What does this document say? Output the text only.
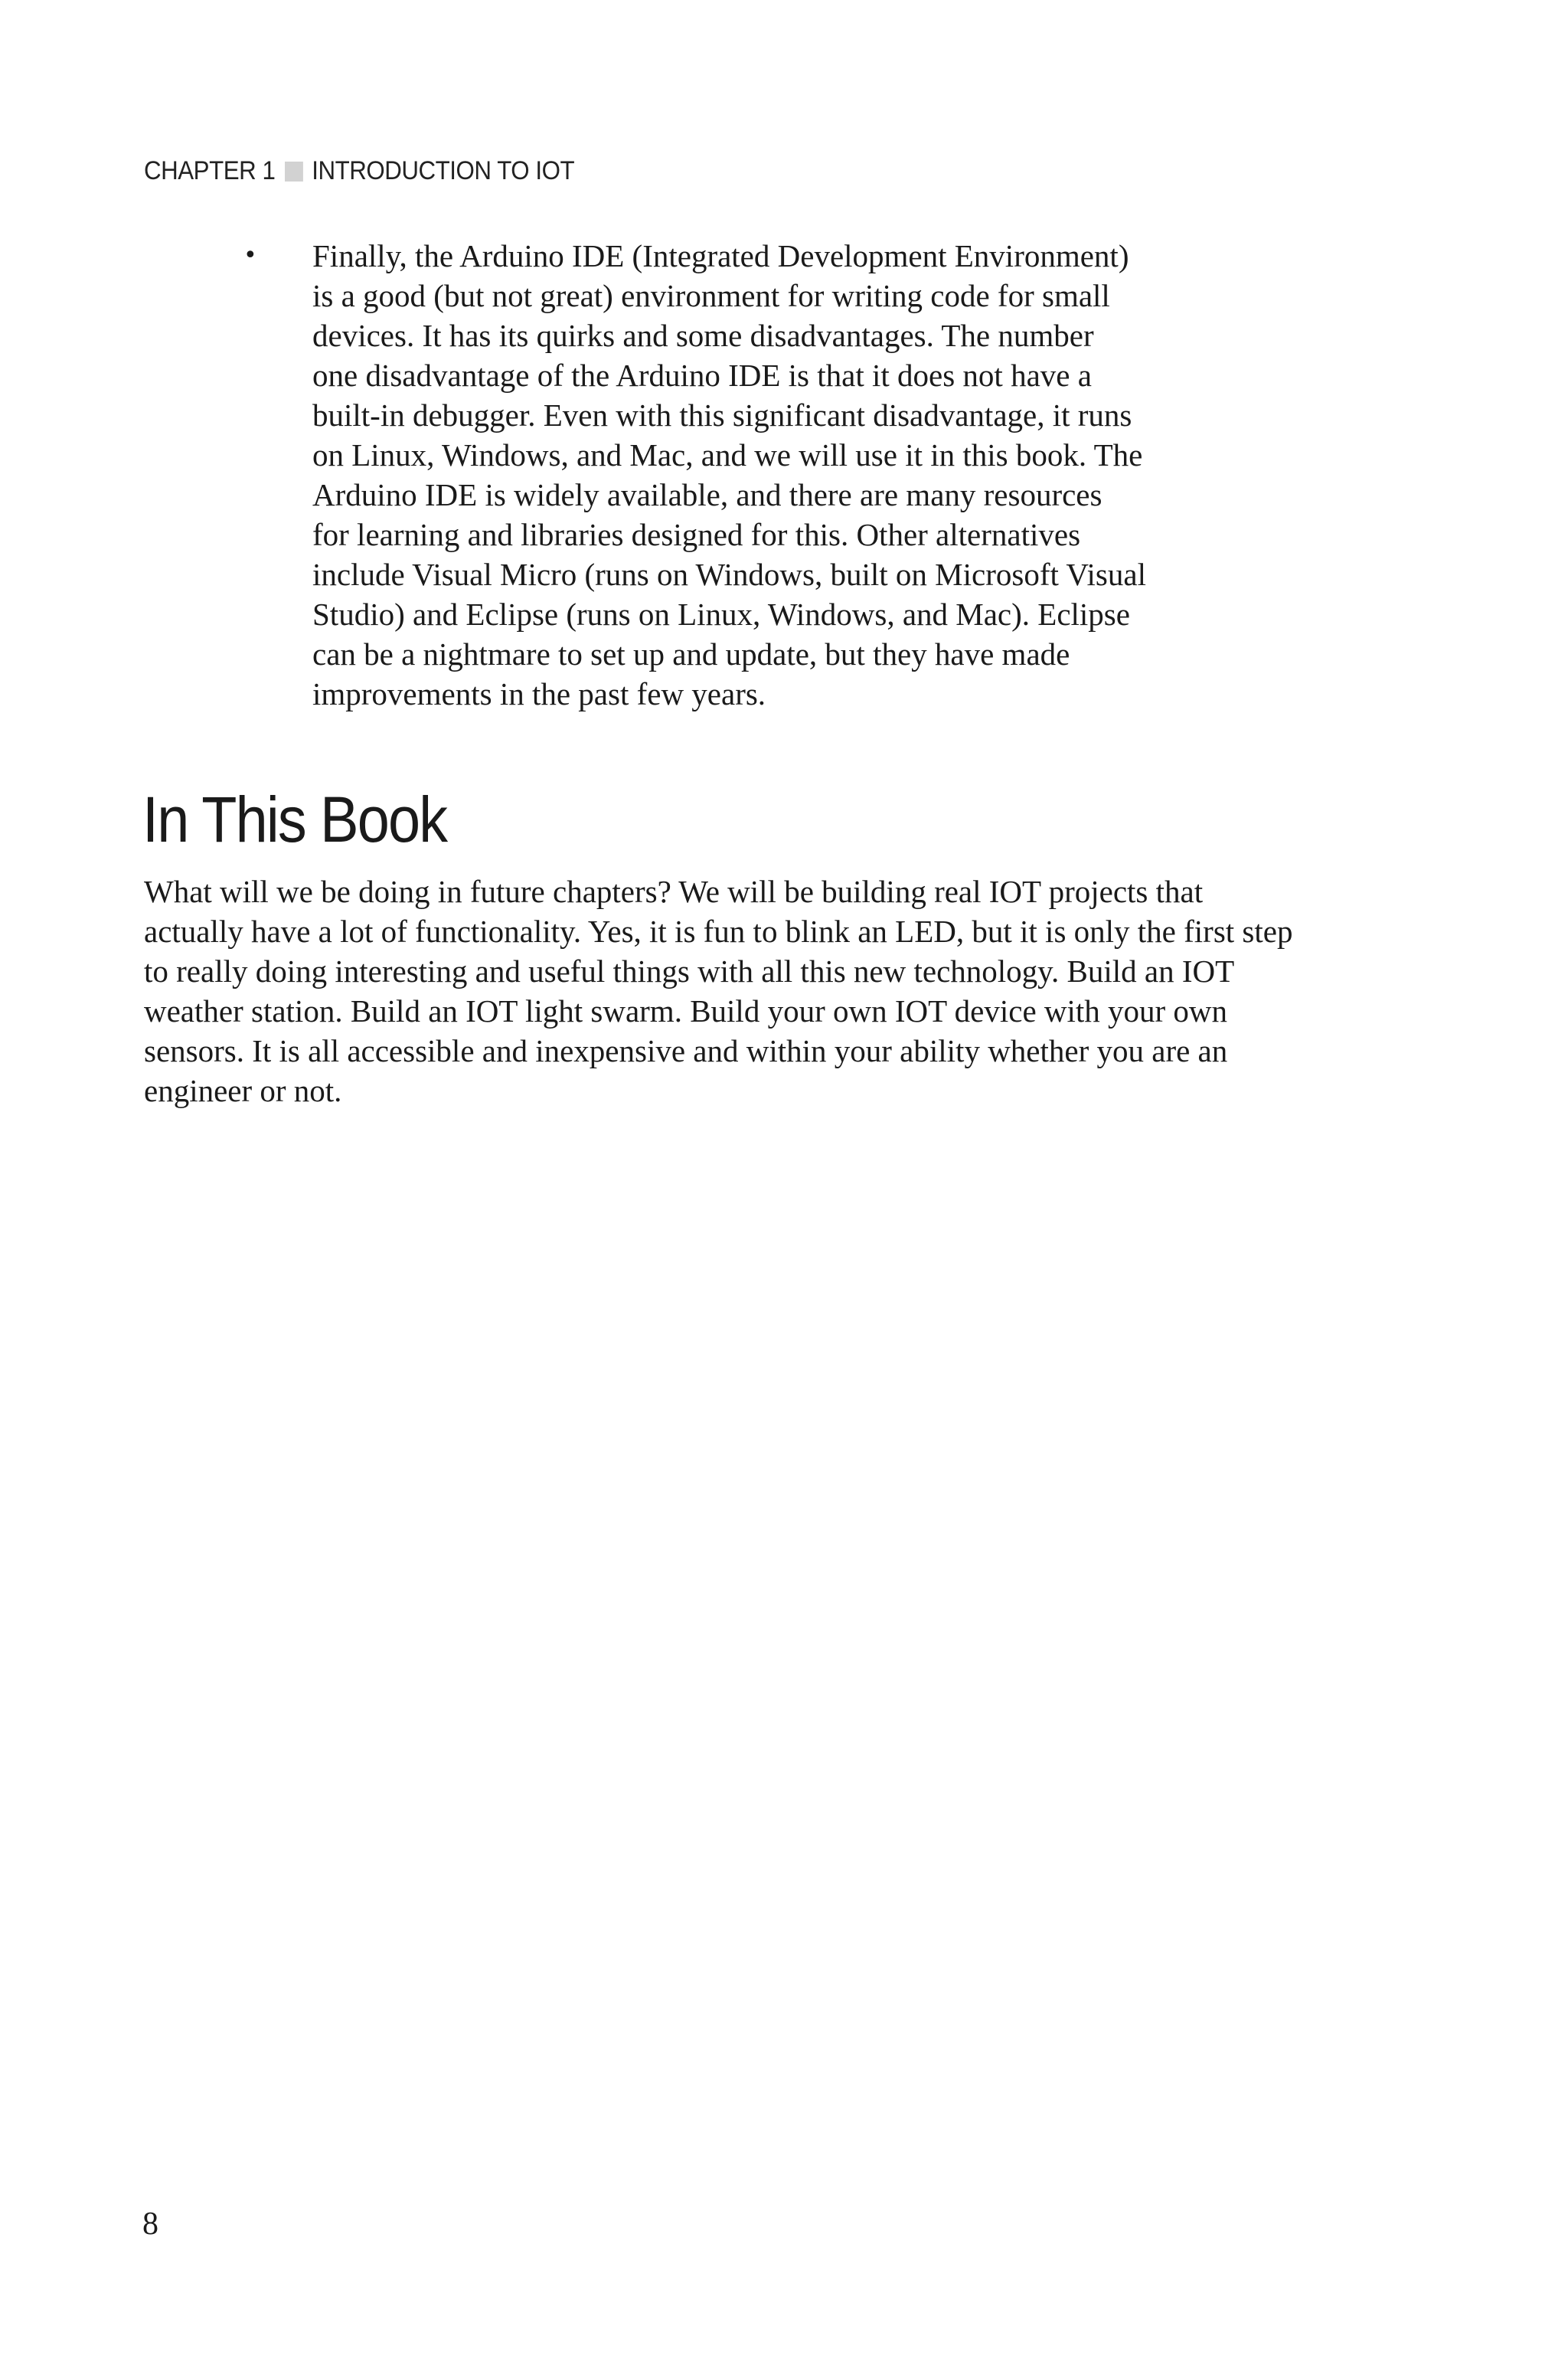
CHAPTER 1 INTRODUCTION TO IOT
•	Finally, the Arduino IDE (Integrated Development Environment)
is a good (but not great) environment for writing code for small
devices. It has its quirks and some disadvantages. The number
one disadvantage of the Arduino IDE is that it does not have a
built-in debugger. Even with this significant disadvantage, it runs
on Linux, Windows, and Mac, and we will use it in this book. The
Arduino IDE is widely available, and there are many resources
for learning and libraries designed for this. Other alternatives
include Visual Micro (runs on Windows, built on Microsoft Visual
Studio) and Eclipse (runs on Linux, Windows, and Mac). Eclipse
can be a nightmare to set up and update, but they have made
improvements in the past few years.
In This Book
What will we be doing in future chapters? We will be building real IOT projects that
actually have a lot of functionality. Yes, it is fun to blink an LED, but it is only the first step
to really doing interesting and useful things with all this new technology. Build an IOT
weather station. Build an IOT light swarm. Build your own IOT device with your own
sensors. It is all accessible and inexpensive and within your ability whether you are an
engineer or not.
8
